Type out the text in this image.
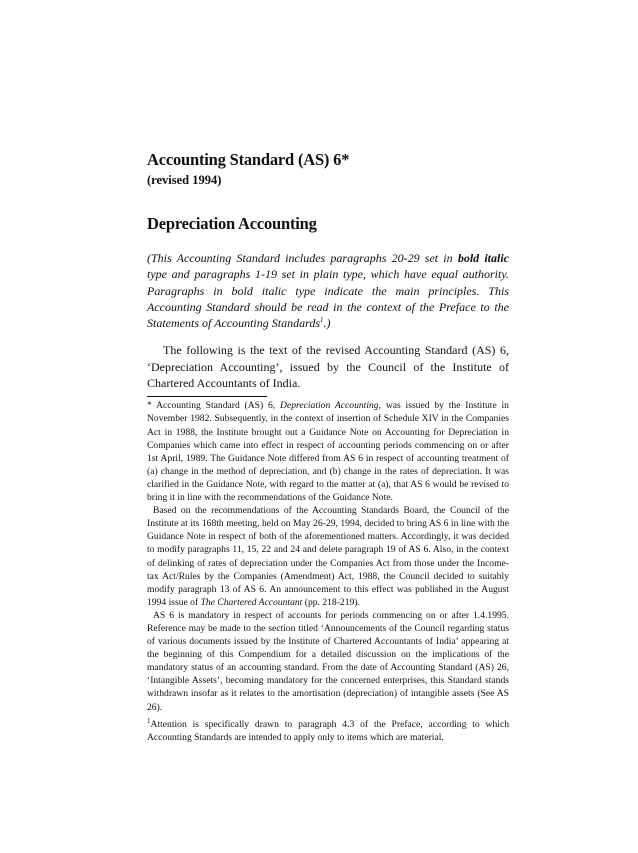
Accounting Standard (AS) 6*

(revised 1994)

Depreciation Accounting

(This Accounting Standard includes paragraphs 20-29 set in bold italic type and paragraphs 1-19 set in plain type, which have equal authority. Paragraphs in bold italic type indicate the main principles. This Accounting Standard should be read in the context of the Preface to the Statements of Accounting Standards$^1$.)

The following is the text of the revised Accounting Standard (AS) 6, ‘Depreciation Accounting’, issued by the Council of the Institute of Chartered Accountants of India.

* Accounting Standard (AS) 6, Depreciation Accounting, was issued by the Institute in November 1982. Subsequently, in the context of insertion of Schedule XIV in the Companies Act in 1988, the Institute brought out a Guidance Note on Accounting for Depreciation in Companies which came into effect in respect of accounting periods commencing on or after 1st April, 1989. The Guidance Note differed from AS 6 in respect of accounting treatment of (a) change in the method of depreciation, and (b) change in the rates of depreciation. It was clarified in the Guidance Note, with regard to the matter at (a), that AS 6 would be revised to bring it in line with the recommendations of the Guidance Note.

Based on the recommendations of the Accounting Standards Board, the Council of the Institute at its 168th meeting, held on May 26-29, 1994, decided to bring AS 6 in line with the Guidance Note in respect of both of the aforementioned matters. Accordingly, it was decided to modify paragraphs 11, 15, 22 and 24 and delete paragraph 19 of AS 6. Also, in the context of delinking of rates of depreciation under the Companies Act from those under the Income-tax Act/Rules by the Companies (Amendment) Act, 1988, the Council decided to suitably modify paragraph 13 of AS 6. An announcement to this effect was published in the August 1994 issue of The Chartered Accountant (pp. 218-219).

AS 6 is mandatory in respect of accounts for periods commencing on or after 1.4.1995. Reference may be made to the section titled ‘Announcements of the Council regarding status of various documents issued by the Institute of Chartered Accountants of India’ appearing at the beginning of this Compendium for a detailed discussion on the implications of the mandatory status of an accounting standard. From the date of Accounting Standard (AS) 26, ‘Intangible Assets’, becoming mandatory for the concerned enterprises, this Standard stands withdrawn insofar as it relates to the amortisation (depreciation) of intangible assets (See AS 26).

$^1$Attention is specifically drawn to paragraph 4.3 of the Preface, according to which Accounting Standards are intended to apply only to items which are material.
